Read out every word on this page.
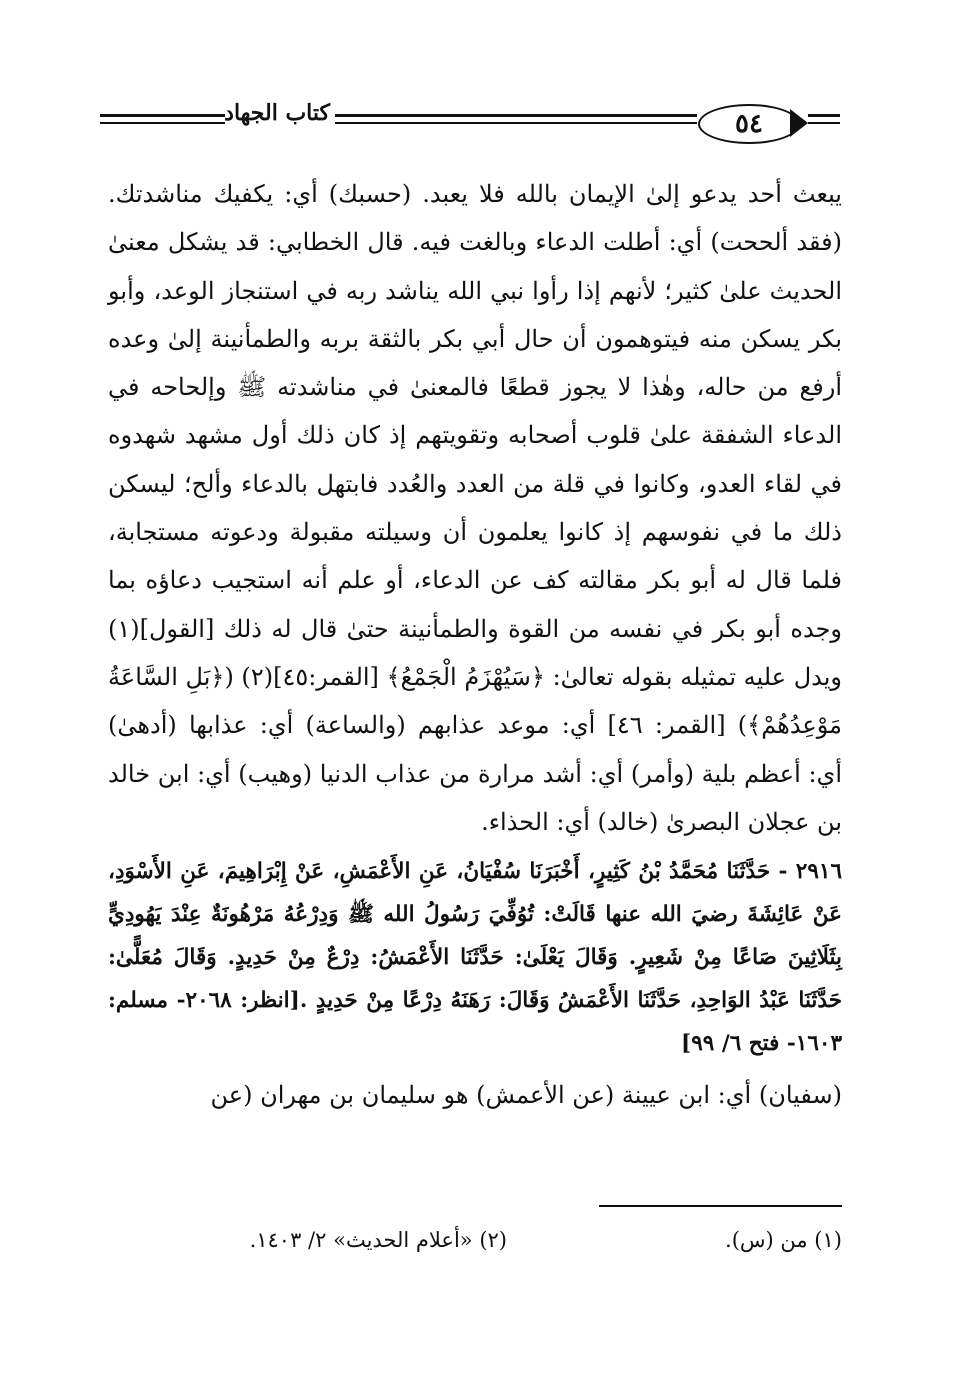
كتاب الجهاد	٥٤

يبعث أحد يدعو إلىٰ الإيمان بالله فلا يعبد. (حسبك) أي: يكفيك مناشدتك. (فقد ألححت) أي: أطلت الدعاء وبالغت فيه. قال الخطابي: قد يشكل معنىٰ الحديث علىٰ كثير؛ لأنهم إذا رأوا نبي الله يناشد ربه في استنجاز الوعد، وأبو بكر يسكن منه فيتوهمون أن حال أبي بكر بالثقة بربه والطمأنينة إلىٰ وعده أرفع من حاله، وهٰذا لا يجوز قطعًا فالمعنىٰ في مناشدته ﷺ وإلحاحه في الدعاء الشفقة علىٰ قلوب أصحابه وتقويتهم إذ كان ذلك أول مشهد شهدوه في لقاء العدو، وكانوا في قلة من العدد والعُدد فابتهل بالدعاء وألح؛ ليسكن ذلك ما في نفوسهم إذ كانوا يعلمون أن وسيلته مقبولة ودعوته مستجابة، فلما قال له أبو بكر مقالته كف عن الدعاء، أو علم أنه استجيب دعاؤه بما وجده أبو بكر في نفسه من القوة والطمأنينة حتىٰ قال له ذلك [القول](١) ويدل عليه تمثيله بقوله تعالىٰ: ﴿سَيُهْزَمُ الْجَمْعُ﴾ [القمر:٤٥](٢) (﴿بَلِ السَّاعَةُ مَوْعِدُهُمْ﴾) [القمر: ٤٦] أي: موعد عذابهم (والساعة) أي: عذابها (أدهىٰ) أي: أعظم بلية (وأمر) أي: أشد مرارة من عذاب الدنيا (وهيب) أي: ابن خالد بن عجلان البصرىٰ (خالد) أي: الحذاء.

٢٩١٦ - حَدَّثَنَا مُحَمَّدُ بْنُ كَثِيرٍ، أَخْبَرَنَا سُفْيَانُ، عَنِ الأَعْمَشِ، عَنْ إِبْرَاهِيمَ، عَنِ الأَسْوَدِ، عَنْ عَائِشَةَ رضيَ الله عنها قَالَتْ: تُوُفِّيَ رَسُولُ الله ﷺ وَدِرْعُهُ مَرْهُونَةٌ عِنْدَ يَهُودِيٍّ بِثَلَاثِينَ صَاعًا مِنْ شَعِيرٍ. وَقَالَ يَعْلَىٰ: حَدَّثَنَا الأَعْمَشُ: دِرْعٌ مِنْ حَدِيدٍ. وَقَالَ مُعَلًّىٰ: حَدَّثَنَا عَبْدُ الوَاحِدِ، حَدَّثَنَا الأَعْمَشُ وَقَالَ: رَهَنَهُ دِرْعًا مِنْ حَدِيدٍ .[انظر: ٢٠٦٨- مسلم: ١٦٠٣- فتح ٦/ ٩٩]

(سفيان) أي: ابن عيينة (عن الأعمش) هو سليمان بن مهران (عن

(١) من (س).
(٢) «أعلام الحديث» ٢/ ١٤٠٣.
